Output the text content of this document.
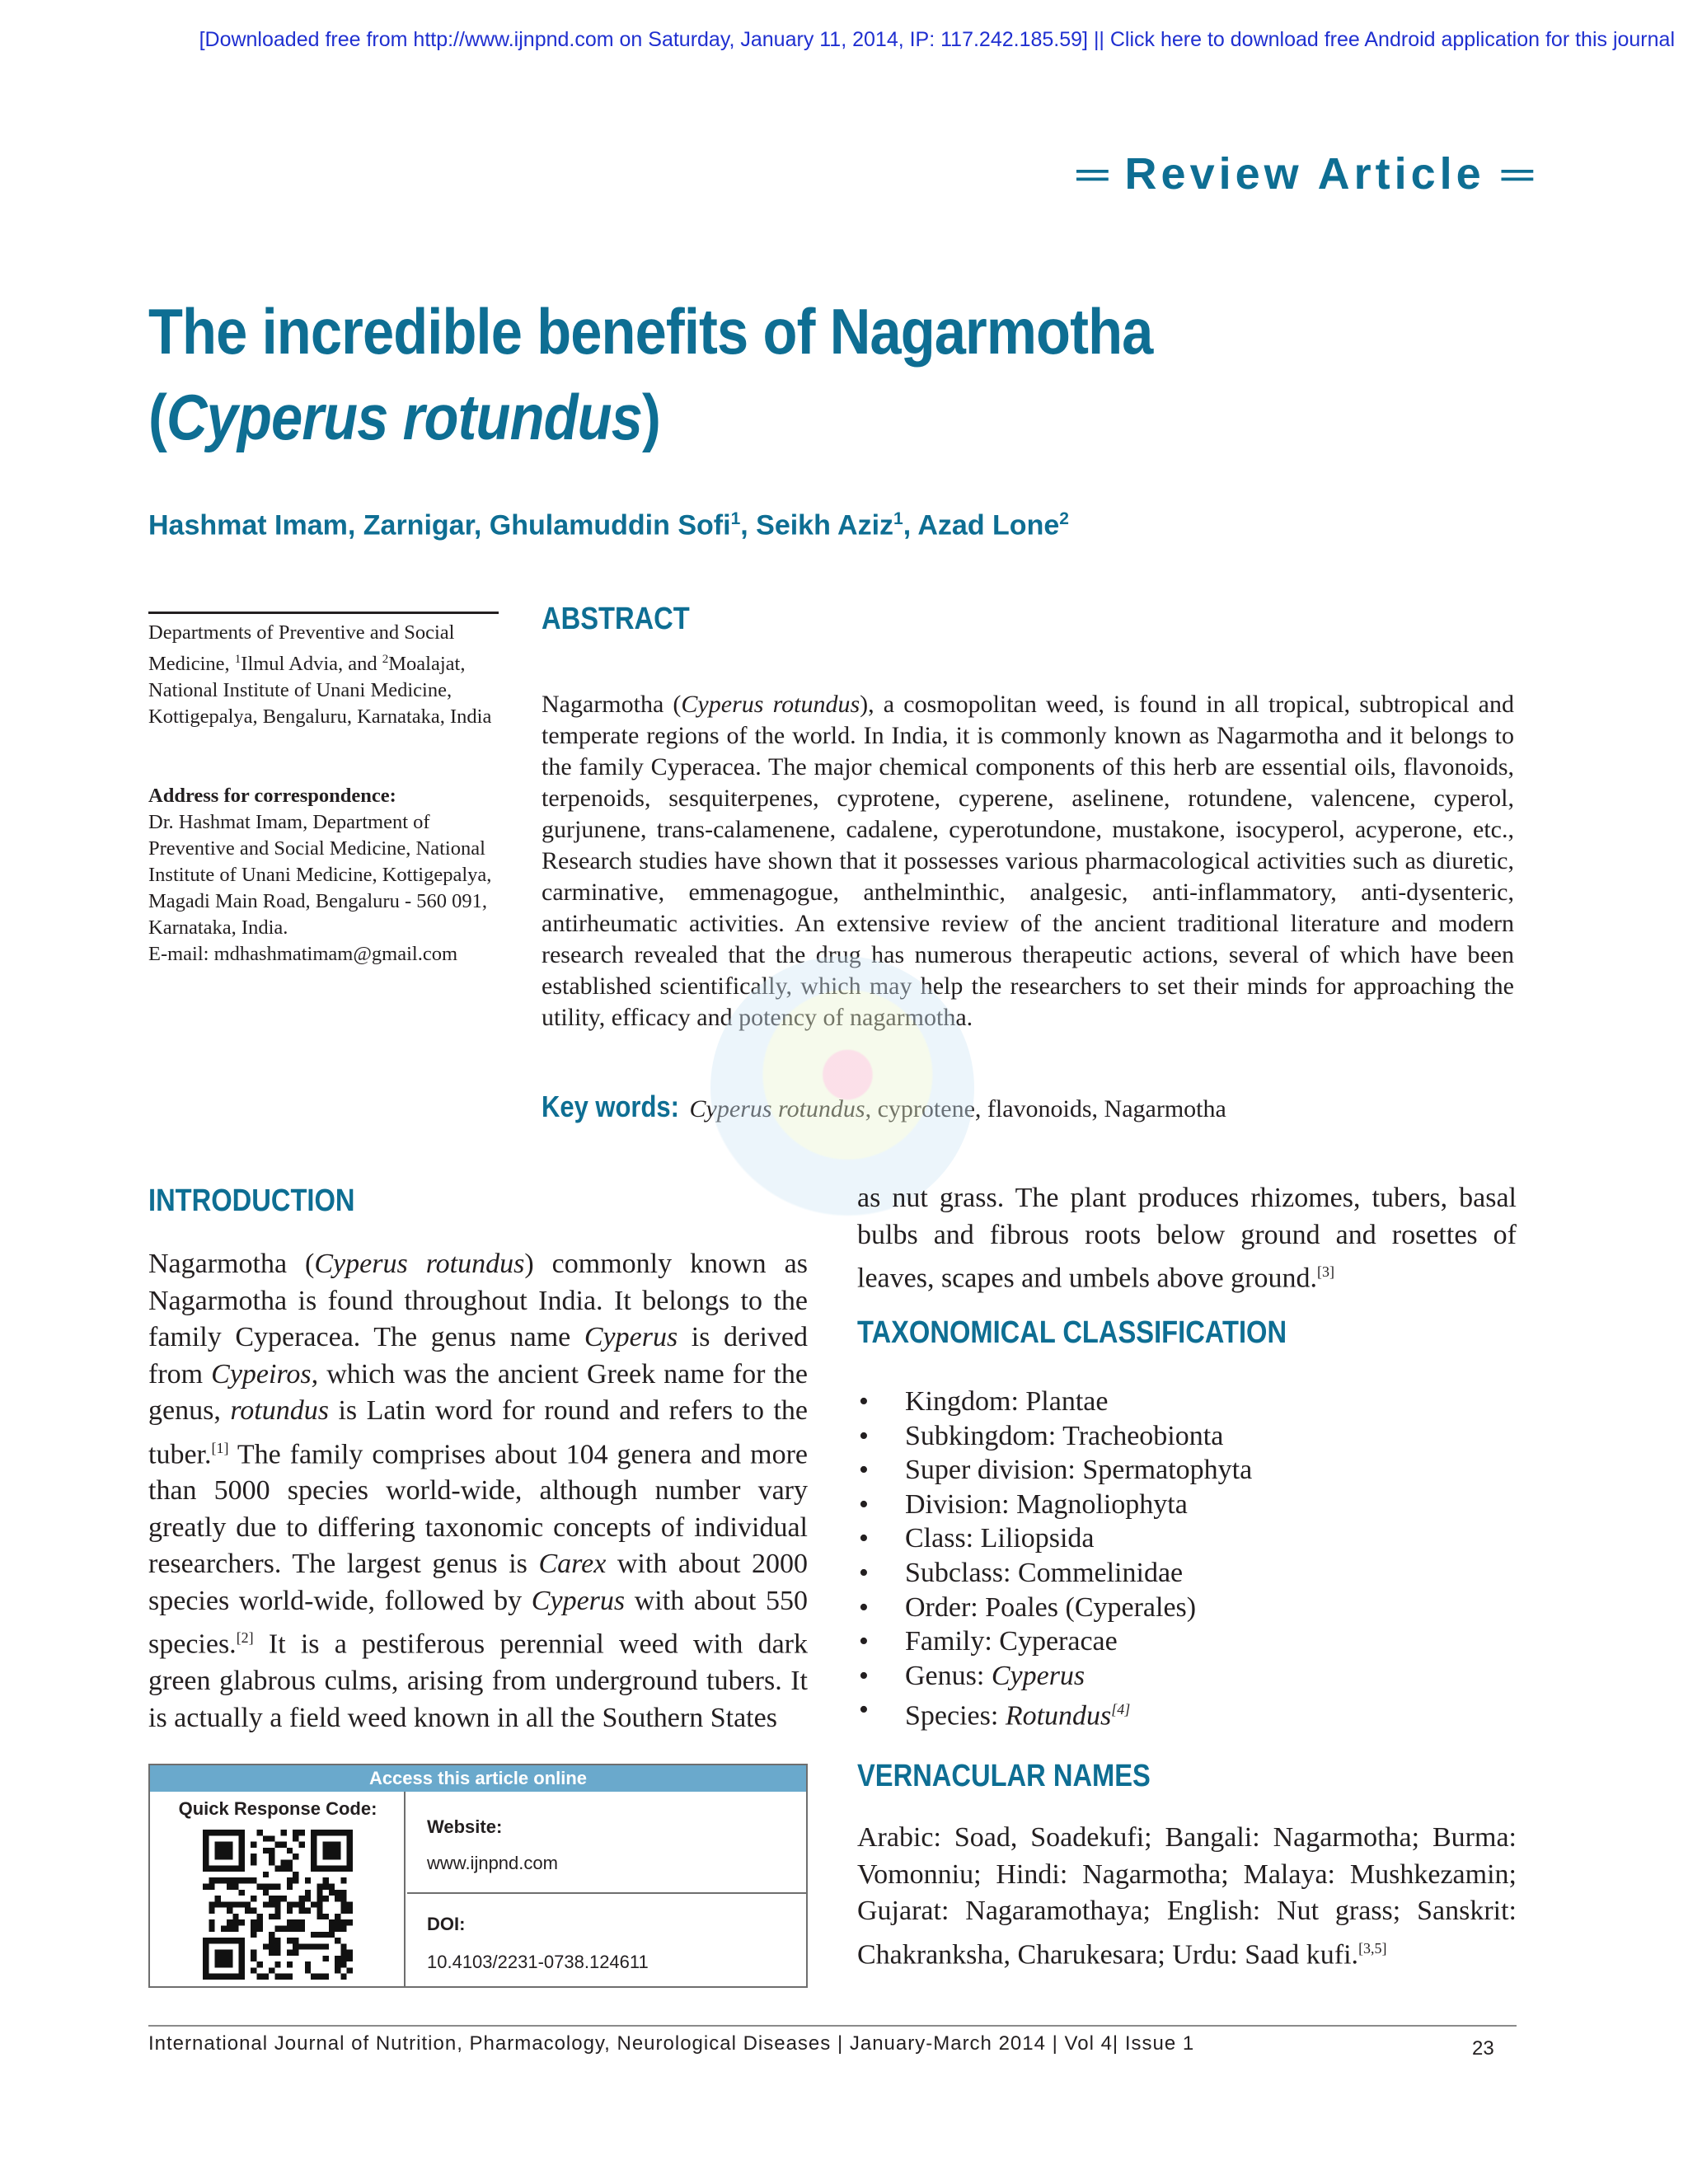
[Downloaded free from http://www.ijnpnd.com on Saturday, January 11, 2014, IP: 117.242.185.59] || Click here to download free Android application for this journal
═ Review Article ═
The incredible benefits of Nagarmotha
(Cyperus rotundus)
Hashmat Imam, Zarnigar, Ghulamuddin Sofi$^1$, Seikh Aziz$^1$, Azad Lone$^2$
Departments of Preventive and Social Medicine, $^1$Ilmul Advia, and $^2$Moalajat, National Institute of Unani Medicine, Kottigepalya, Bengaluru, Karnataka, India
Address for correspondence:
Dr. Hashmat Imam, Department of Preventive and Social Medicine, National Institute of Unani Medicine, Kottigepalya, Magadi Main Road, Bengaluru - 560 091, Karnataka, India.
E-mail: mdhashmatimam@gmail.com
ABSTRACT

Nagarmotha (Cyperus rotundus), a cosmopolitan weed, is found in all tropical, subtropical and temperate regions of the world. In India, it is commonly known as Nagarmotha and it belongs to the family Cyperacea. The major chemical components of this herb are essential oils, flavonoids, terpenoids, sesquiterpenes, cyprotene, cyperene, aselinene, rotundene, valencene, cyperol, gurjunene, trans-calamenene, cadalene, cyperotundone, mustakone, isocyperol, acyperone, etc., Research studies have shown that it possesses various pharmacological activities such as diuretic, carminative, emmenagogue, anthelminthic, analgesic, anti-inflammatory, anti-dysenteric, antirheumatic activities. An extensive review of the ancient traditional literature and modern research revealed that the drug has numerous therapeutic actions, several of which have been established scientifically, which may help the researchers to set their minds for approaching the utility, efficacy and potency of nagarmotha.

Key words: Cyperus rotundus, cyprotene, flavonoids, Nagarmotha
INTRODUCTION

Nagarmotha (Cyperus rotundus) commonly known as Nagarmotha is found throughout India. It belongs to the family Cyperacea. The genus name Cyperus is derived from Cypeiros, which was the ancient Greek name for the genus, rotundus is Latin word for round and refers to the tuber.[1] The family comprises about 104 genera and more than 5000 species world-wide, although number vary greatly due to differing taxonomic concepts of individual researchers. The largest genus is Carex with about 2000 species world-wide, followed by Cyperus with about 550 species.[2] It is a pestiferous perennial weed with dark green glabrous culms, arising from underground tubers. It is actually a field weed known in all the Southern States

as nut grass. The plant produces rhizomes, tubers, basal bulbs and fibrous roots below ground and rosettes of leaves, scapes and umbels above ground.[3]

TAXONOMICAL CLASSIFICATION
• Kingdom: Plantae
• Subkingdom: Tracheobionta
• Super division: Spermatophyta
• Division: Magnoliophyta
• Class: Liliopsida
• Subclass: Commelinidae
• Order: Poales (Cyperales)
• Family: Cyperacae
• Genus: Cyperus
• Species: Rotundus[4]
VERNACULAR NAMES

Arabic: Soad, Soadekufi; Bangali: Nagarmotha; Burma: Vomonniu; Hindi: Nagarmotha; Malaya: Mushkezamin; Gujarat: Nagaramothaya; English: Nut grass; Sanskrit: Chakranksha, Charukesara; Urdu: Saad kufi.[3,5]

Access this article online
Quick Response Code:
Website:
www.ijnpnd.com
DOI:
10.4103/2231-0738.124611
International Journal of Nutrition, Pharmacology, Neurological Diseases | January-March 2014 | Vol 4| Issue 1	23
